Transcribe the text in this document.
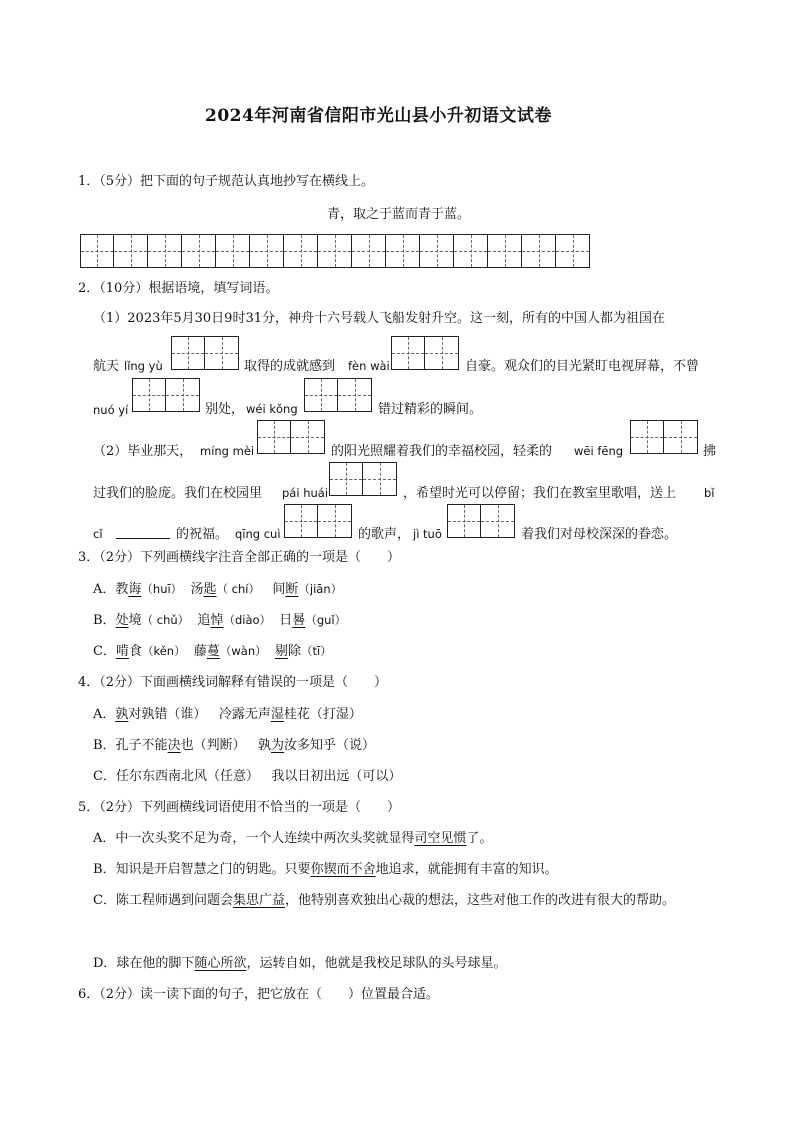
2024年河南省信阳市光山县小升初语文试卷
1．（5分）把下面的句子规范认真地抄写在横线上。
青，取之于蓝而青于蓝。
2．（10分）根据语境，填写词语。
（1）2023年5月30日9时31分，神舟十六号载人飞船发射升空。这一刻，所有的中国人都为祖国在
航天 lǐng yù	取得的成就感到 fèn wài	自豪。观众们的目光紧盯电视屏幕，不曾
nuó yí	别处， wéi kǒng	错过精彩的瞬间。
（2）毕业那天， míng mèi	的阳光照耀着我们的幸福校园，轻柔的 wēi fēng	拂
过我们的脸庞。我们在校园里 pái huái	，希望时光可以停留；我们在教室里歌唱，送上 bǐ
cǐ	的祝福。 qīng cuì	的歌声， jì tuō	着我们对母校深深的眷恋。
3．（2分）下列画横线字注音全部正确的一项是（　　）
A．教诲（huī） 汤匙（ chí） 间断（jiān）
B．处境（ chǔ） 追悼（diào） 日晷（guǐ）
C．啃食（kěn） 藤蔓（wàn） 剔除（tī）
4．（2分）下面画横线词解释有错误的一项是（　　）
A．孰对孰错（谁） 冷露无声湿桂花（打湿）
B．孔子不能决也（判断） 孰为汝多知乎（说）
C．任尔东西南北风（任意） 我以日初出远（可以）
5．（2分）下列画横线词语使用不恰当的一项是（　　）
A．中一次头奖不足为奇，一个人连续中两次头奖就显得司空见惯了。
B．知识是开启智慧之门的钥匙。只要你锲而不舍地追求，就能拥有丰富的知识。
C．陈工程师遇到问题会集思广益，他特别喜欢独出心裁的想法，这些对他工作的改进有很大的帮助。
D．球在他的脚下随心所欲，运转自如，他就是我校足球队的头号球星。
6．（2分）读一读下面的句子，把它放在（　　）位置最合适。
